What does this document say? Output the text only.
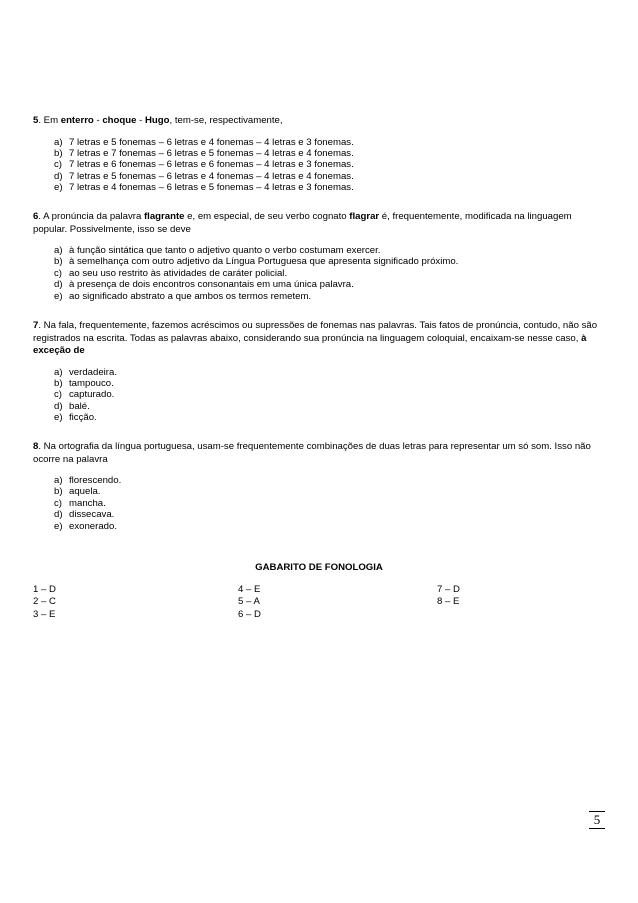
5. Em enterro - choque - Hugo, tem-se, respectivamente,

a) 7 letras e 5 fonemas – 6 letras e 4 fonemas – 4 letras e 3 fonemas.
b) 7 letras e 7 fonemas – 6 letras e 5 fonemas – 4 letras e 4 fonemas.
c) 7 letras e 6 fonemas – 6 letras e 6 fonemas – 4 letras e 3 fonemas.
d) 7 letras e 5 fonemas – 6 letras e 4 fonemas – 4 letras e 4 fonemas.
e) 7 letras e 4 fonemas – 6 letras e 5 fonemas – 4 letras e 3 fonemas.

6. A pronúncia da palavra flagrante e, em especial, de seu verbo cognato flagrar é, frequentemente, modificada na linguagem popular. Possivelmente, isso se deve

a) à função sintática que tanto o adjetivo quanto o verbo costumam exercer.
b) à semelhança com outro adjetivo da Língua Portuguesa que apresenta significado próximo.
c) ao seu uso restrito às atividades de caráter policial.
d) à presença de dois encontros consonantais em uma única palavra.
e) ao significado abstrato a que ambos os termos remetem.

7. Na fala, frequentemente, fazemos acréscimos ou supressões de fonemas nas palavras. Tais fatos de pronúncia, contudo, não são registrados na escrita. Todas as palavras abaixo, considerando sua pronúncia na linguagem coloquial, encaixam-se nesse caso, à exceção de

a) verdadeira.
b) tampouco.
c) capturado.
d) balé.
e) ficção.

8. Na ortografia da língua portuguesa, usam-se frequentemente combinações de duas letras para representar um só som. Isso não ocorre na palavra

a) florescendo.
b) aquela.
c) mancha.
d) dissecava.
e) exonerado.
GABARITO DE FONOLOGIA
1 – D
2 – C
3 – E
4 – E
5 – A
6 – D
7 – D
8 – E
5
